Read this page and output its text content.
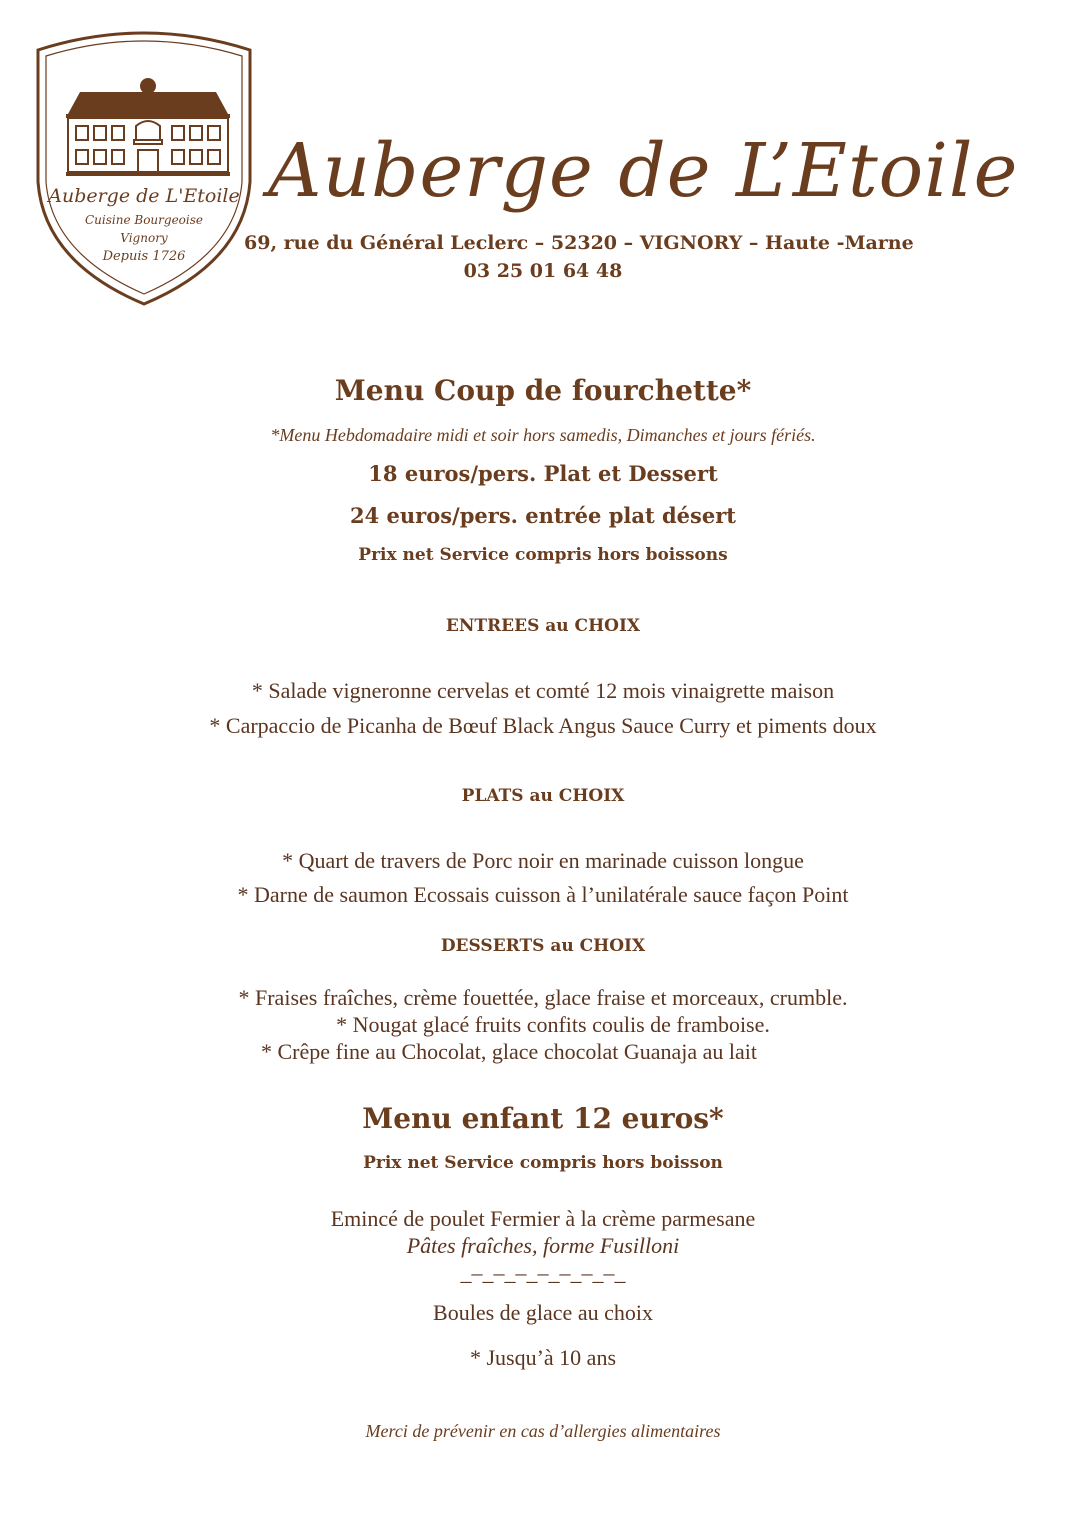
Auberge de L'Etoile
Cuisine Bourgeoise
Vignory
Depuis 1726
Auberge de L’Etoile
69, rue du Général Leclerc – 52320 – VIGNORY – Haute -Marne
03 25 01 64 48
Menu Coup de fourchette*
*Menu Hebdomadaire midi et soir hors samedis, Dimanches et jours fériés.
18 euros/pers. Plat et Dessert
24 euros/pers. entrée plat désert
Prix net Service compris hors boissons
ENTREES au CHOIX
* Salade vigneronne cervelas et comté 12 mois vinaigrette maison
* Carpaccio de Picanha de Bœuf Black Angus Sauce Curry et piments doux
PLATS au CHOIX
* Quart de travers de Porc noir en marinade cuisson longue
* Darne de saumon Ecossais cuisson à l’unilatérale sauce façon Point
DESSERTS au CHOIX
* Fraises fraîches, crème fouettée, glace fraise et morceaux, crumble.
* Nougat glacé fruits confits coulis de framboise.
* Crêpe fine au Chocolat, glace chocolat Guanaja au lait
Menu enfant 12 euros*
Prix net Service compris hors boisson
Emincé de poulet Fermier à la crème parmesane
Pâtes fraîches, forme Fusilloni
_–_–_–_–_–_–_–_
Boules de glace au choix
* Jusqu’à 10 ans
Merci de prévenir en cas d’allergies alimentaires
